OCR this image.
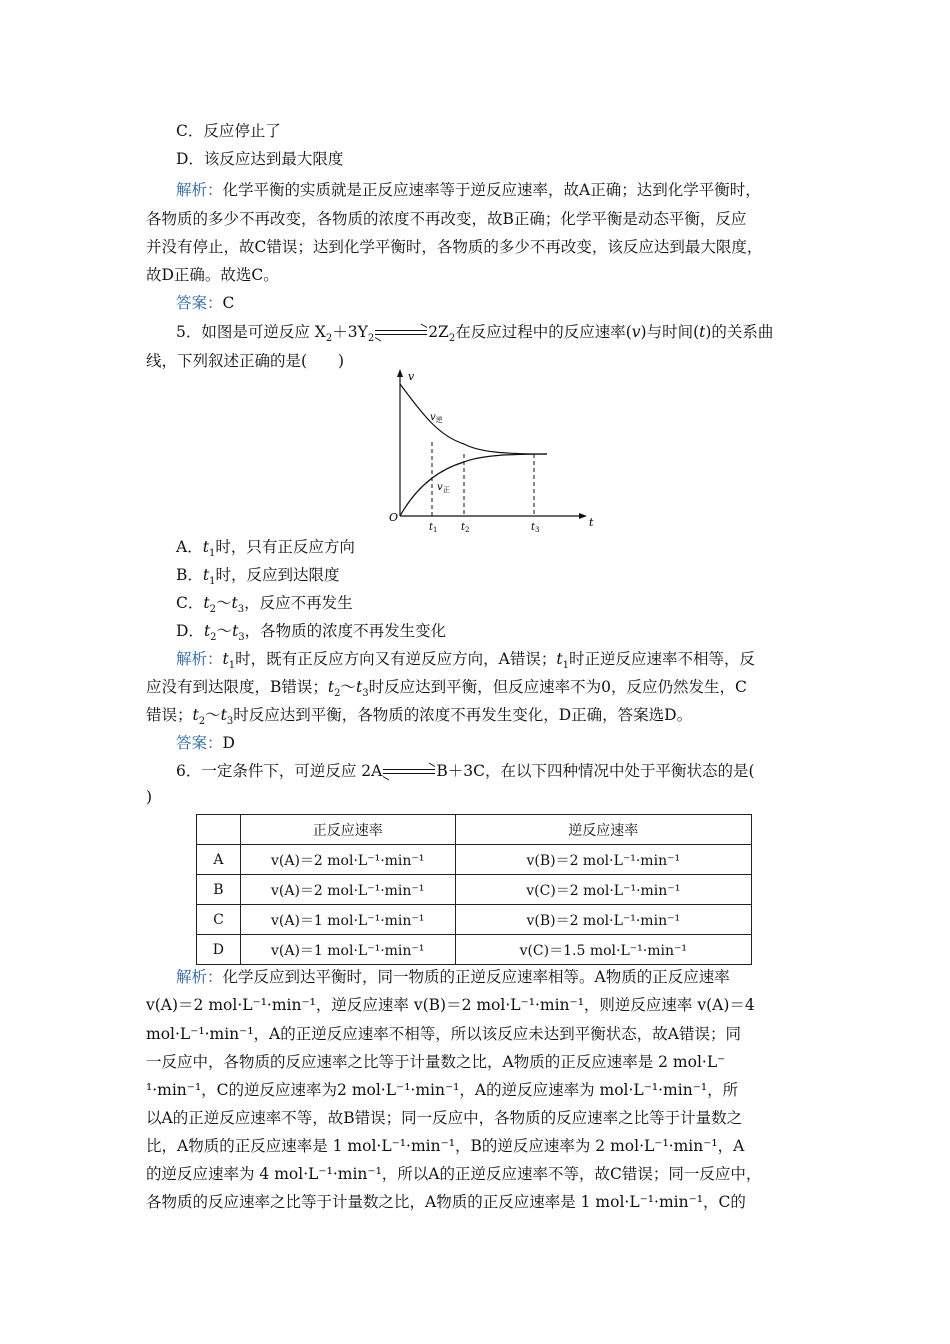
C．反应停止了
D．该反应达到最大限度
解析：化学平衡的实质就是正反应速率等于逆反应速率，故A正确；达到化学平衡时，
各物质的多少不再改变，各物质的浓度不再改变，故B正确；化学平衡是动态平衡，反应
并没有停止，故C错误；达到化学平衡时，各物质的多少不再改变，该反应达到最大限度，
故D正确。故选C。
答案：C
5．如图是可逆反应 $X_2+3Y_2$	$2Z_2$在反应过程中的反应速率(v)与时间(t)的关系曲
线，下列叙述正确的是(　　)
v
t
O
$v_逆$
$v_正$
$t_1$ $t_2$	$t_3$
A．$t_1$时，只有正反应方向
B．$t_1$时，反应到达限度
C．$t_2\sim t_3$，反应不再发生
D．$t_2\sim t_3$，各物质的浓度不再发生变化
解析：$t_1$时，既有正反应方向又有逆反应方向，A错误；$t_1$时正逆反应速率不相等，反
应没有到达限度，B错误；$t_2\sim t_3$时反应达到平衡，但反应速率不为0，反应仍然发生，C
错误；$t_2\sim t_3$时反应达到平衡，各物质的浓度不再发生变化，D正确，答案选D。
答案：D
6．一定条件下，可逆反应 2A	B＋3C，在以下四种情况中处于平衡状态的是(
)
	正反应速率	逆反应速率
A	v(A)＝2 mol·L⁻¹·min⁻¹	v(B)＝2 mol·L⁻¹·min⁻¹
B	v(A)＝2 mol·L⁻¹·min⁻¹	v(C)＝2 mol·L⁻¹·min⁻¹
C	v(A)＝1 mol·L⁻¹·min⁻¹	v(B)＝2 mol·L⁻¹·min⁻¹
D	v(A)＝1 mol·L⁻¹·min⁻¹	v(C)＝1.5 mol·L⁻¹·min⁻¹
解析：化学反应到达平衡时，同一物质的正逆反应速率相等。A物质的正反应速率
v(A)＝2 mol·L⁻¹·min⁻¹，逆反应速率 v(B)＝2 mol·L⁻¹·min⁻¹，则逆反应速率 v(A)＝4
mol·L⁻¹·min⁻¹，A的正逆反应速率不相等，所以该反应未达到平衡状态，故A错误；同
一反应中，各物质的反应速率之比等于计量数之比，A物质的正反应速率是 2 mol·L⁻
¹·min⁻¹，C的逆反应速率为2 mol·L⁻¹·min⁻¹，A的逆反应速率为 mol·L⁻¹·min⁻¹，所
以A的正逆反应速率不等，故B错误；同一反应中，各物质的反应速率之比等于计量数之
比，A物质的正反应速率是 1 mol·L⁻¹·min⁻¹，B的逆反应速率为 2 mol·L⁻¹·min⁻¹，A
的逆反应速率为 4 mol·L⁻¹·min⁻¹，所以A的正逆反应速率不等，故C错误；同一反应中，
各物质的反应速率之比等于计量数之比，A物质的正反应速率是 1 mol·L⁻¹·min⁻¹，C的
